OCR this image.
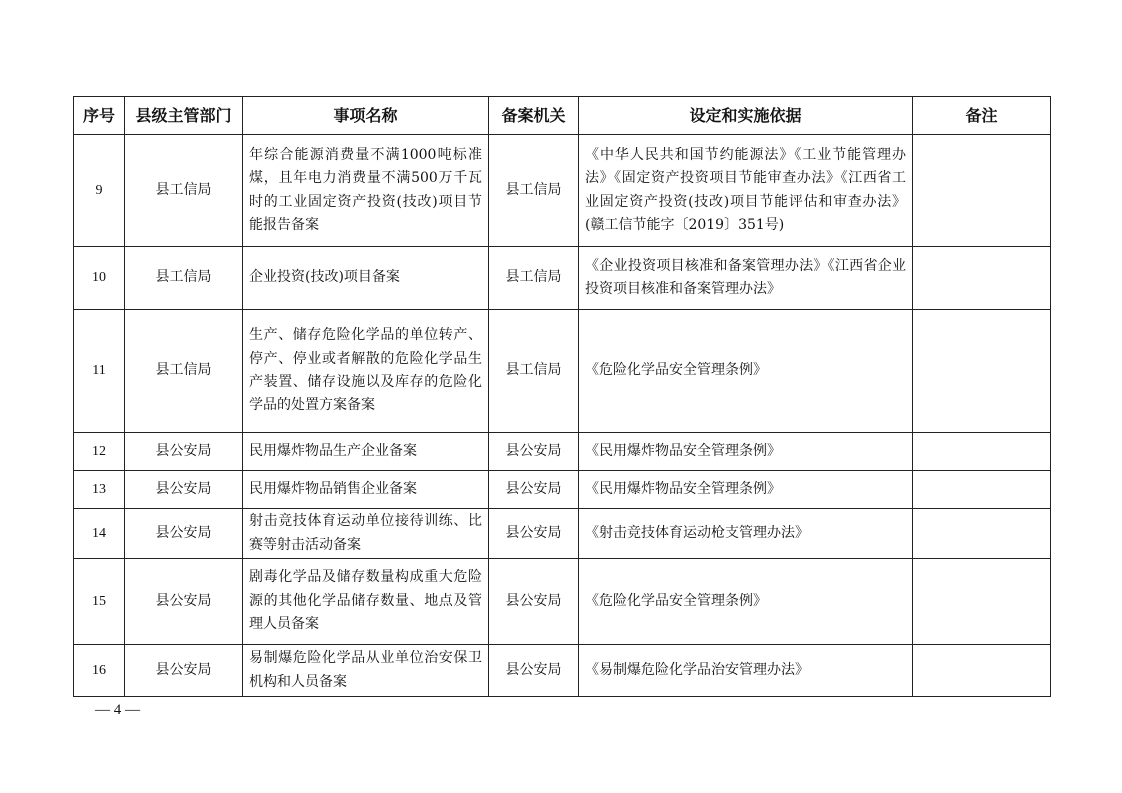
序号	县级主管部门	事项名称	备案机关	设定和实施依据	备注
9	县工信局	年综合能源消费量不满1000吨标准煤，且年电力消费量不满500万千瓦时的工业固定资产投资(技改)项目节能报告备案	县工信局	《中华人民共和国节约能源法》《工业节能管理办法》《固定资产投资项目节能审查办法》《江西省工业固定资产投资(技改)项目节能评估和审查办法》(赣工信节能字〔2019〕351号)	
10	县工信局	企业投资(技改)项目备案	县工信局	《企业投资项目核准和备案管理办法》《江西省企业投资项目核准和备案管理办法》	
11	县工信局	生产、储存危险化学品的单位转产、停产、停业或者解散的危险化学品生产装置、储存设施以及库存的危险化学品的处置方案备案	县工信局	《危险化学品安全管理条例》	
12	县公安局	民用爆炸物品生产企业备案	县公安局	《民用爆炸物品安全管理条例》	
13	县公安局	民用爆炸物品销售企业备案	县公安局	《民用爆炸物品安全管理条例》	
14	县公安局	射击竞技体育运动单位接待训练、比赛等射击活动备案	县公安局	《射击竞技体育运动枪支管理办法》	
15	县公安局	剧毒化学品及储存数量构成重大危险源的其他化学品储存数量、地点及管理人员备案	县公安局	《危险化学品安全管理条例》	
16	县公安局	易制爆危险化学品从业单位治安保卫机构和人员备案	县公安局	《易制爆危险化学品治安管理办法》	
— 4 —
